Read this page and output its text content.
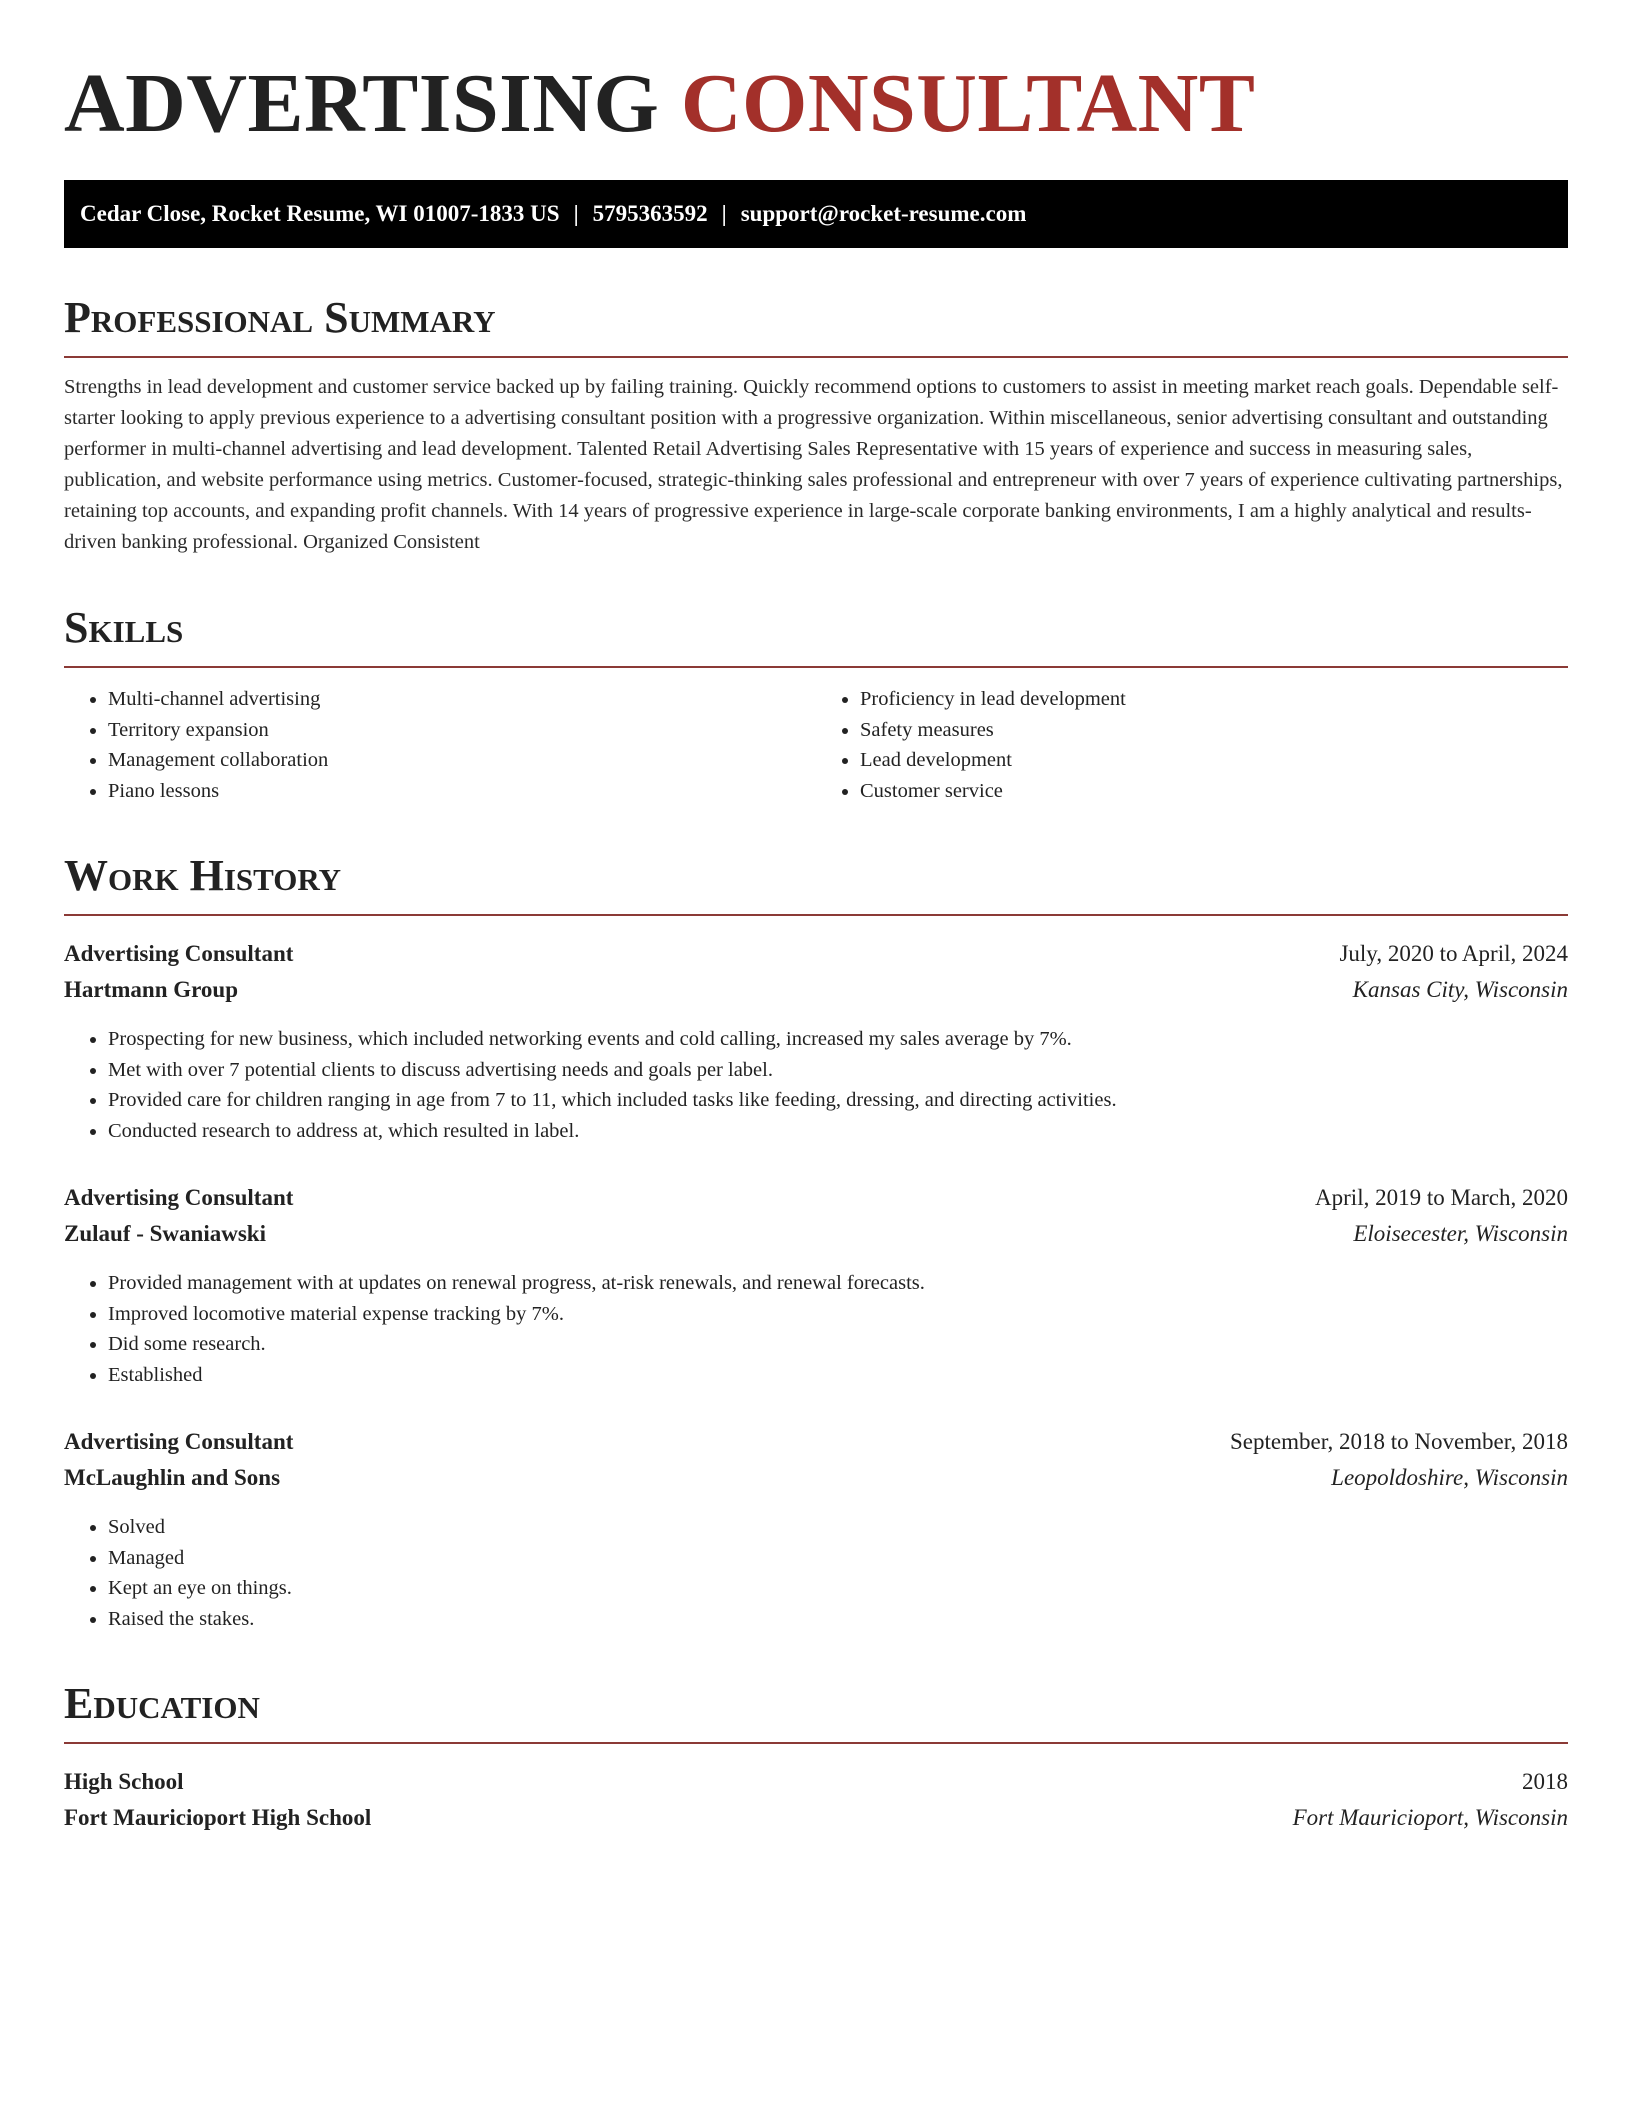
ADVERTISING CONSULTANT
Cedar Close, Rocket Resume, WI 01007-1833 US | 5795363592 | support@rocket-resume.com
Professional Summary

Strengths in lead development and customer service backed up by failing training. Quickly recommend options to customers to assist in meeting market reach goals. Dependable self-starter looking to apply previous experience to a advertising consultant position with a progressive organization. Within miscellaneous, senior advertising consultant and outstanding performer in multi-channel advertising and lead development. Talented Retail Advertising Sales Representative with 15 years of experience and success in measuring sales, publication, and website performance using metrics. Customer-focused, strategic-thinking sales professional and entrepreneur with over 7 years of experience cultivating partnerships, retaining top accounts, and expanding profit channels. With 14 years of progressive experience in large-scale corporate banking environments, I am a highly analytical and results-driven banking professional. Organized Consistent

Skills
• Multi-channel advertising
• Territory expansion
• Management collaboration
• Piano lessons
• Proficiency in lead development
• Safety measures
• Lead development
• Customer service
Work History
Advertising Consultant	July, 2020 to April, 2024
Hartmann Group	Kansas City, Wisconsin
• Prospecting for new business, which included networking events and cold calling, increased my sales average by 7%.
• Met with over 7 potential clients to discuss advertising needs and goals per label.
• Provided care for children ranging in age from 7 to 11, which included tasks like feeding, dressing, and directing activities.
• Conducted research to address at, which resulted in label.
Advertising Consultant	April, 2019 to March, 2020
Zulauf - Swaniawski	Eloisecester, Wisconsin
• Provided management with at updates on renewal progress, at-risk renewals, and renewal forecasts.
• Improved locomotive material expense tracking by 7%.
• Did some research.
• Established
Advertising Consultant	September, 2018 to November, 2018
McLaughlin and Sons	Leopoldoshire, Wisconsin
• Solved
• Managed
• Kept an eye on things.
• Raised the stakes.
Education
High School	2018
Fort Mauricioport High School	Fort Mauricioport, Wisconsin
